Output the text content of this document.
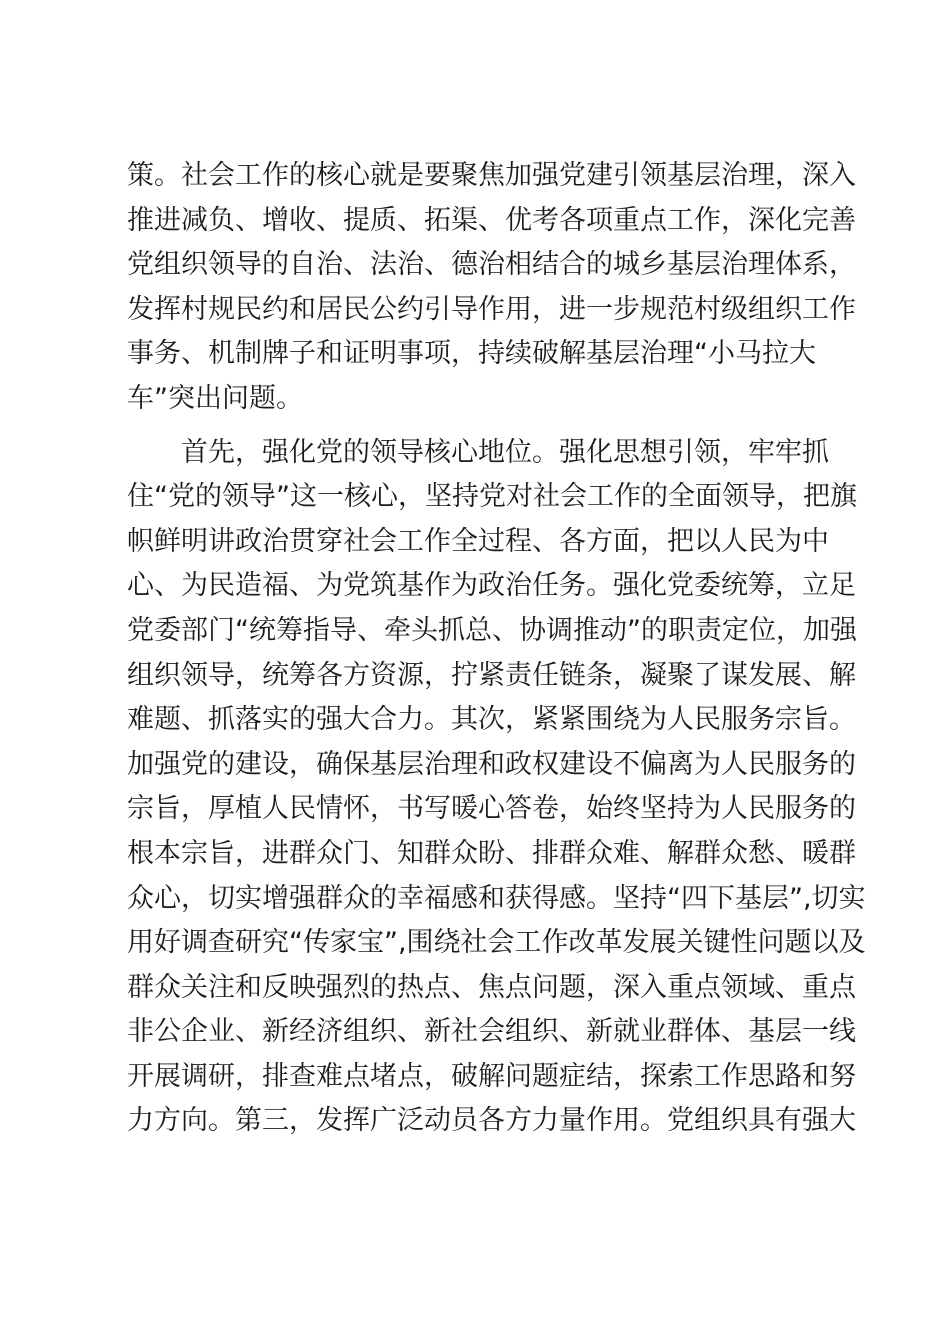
策。社会工作的核心就是要聚焦加强党建引领基层治理，深入
推进减负、增收、提质、拓渠、优考各项重点工作，深化完善
党组织领导的自治、法治、德治相结合的城乡基层治理体系，
发挥村规民约和居民公约引导作用，进一步规范村级组织工作
事务、机制牌子和证明事项，持续破解基层治理“小马拉大
车”突出问题。
　　首先，强化党的领导核心地位。强化思想引领，牢牢抓
住“党的领导”这一核心，坚持党对社会工作的全面领导，把旗
帜鲜明讲政治贯穿社会工作全过程、各方面，把以人民为中
心、为民造福、为党筑基作为政治任务。强化党委统筹，立足
党委部门“统筹指导、牵头抓总、协调推动”的职责定位，加强
组织领导，统筹各方资源，拧紧责任链条，凝聚了谋发展、解
难题、抓落实的强大合力。其次，紧紧围绕为人民服务宗旨。
加强党的建设，确保基层治理和政权建设不偏离为人民服务的
宗旨，厚植人民情怀，书写暖心答卷，始终坚持为人民服务的
根本宗旨，进群众门、知群众盼、排群众难、解群众愁、暖群
众心，切实增强群众的幸福感和获得感。坚持“四下基层”,切实
用好调查研究“传家宝”,围绕社会工作改革发展关键性问题以及
群众关注和反映强烈的热点、焦点问题，深入重点领域、重点
非公企业、新经济组织、新社会组织、新就业群体、基层一线
开展调研，排查难点堵点，破解问题症结，探索工作思路和努
力方向。第三，发挥广泛动员各方力量作用。党组织具有强大
